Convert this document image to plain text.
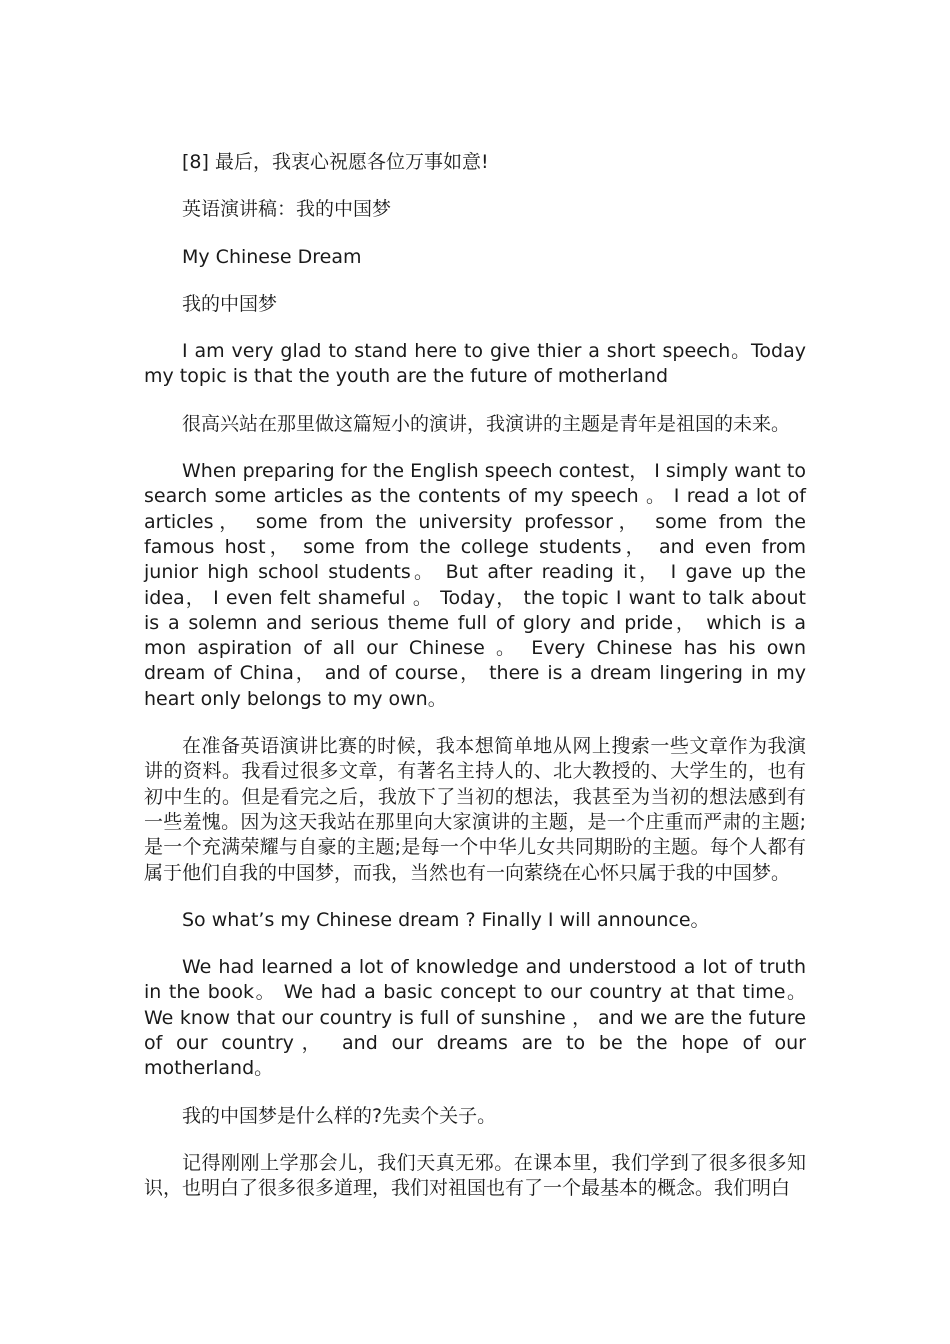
[8] 最后，我衷心祝愿各位万事如意!

英语演讲稿：我的中国梦

My Chinese Dream

我的中国梦

I am very glad to stand here to give thier a short speech。Today my topic is that the youth are the future of motherland

很高兴站在那里做这篇短小的演讲，我演讲的主题是青年是祖国的未来。

When preparing for the English speech contest， I simply want to search some articles as the contents of my speech 。 I read a lot of articles， some from the university professor， some from the famous host， some from the college students， and even from junior high school students。 But after reading it， I gave up the idea， I even felt shameful 。 Today， the topic I want to talk about is a solemn and serious theme full of glory and pride， which is a mon aspiration of all our Chinese 。 Every Chinese has his own dream of China， and of course， there is a dream lingering in my heart only belongs to my own。

在准备英语演讲比赛的时候，我本想简单地从网上搜索一些文章作为我演讲的资料。我看过很多文章，有著名主持人的、北大教授的、大学生的，也有初中生的。但是看完之后，我放下了当初的想法，我甚至为当初的想法感到有一些羞愧。因为这天我站在那里向大家演讲的主题，是一个庄重而严肃的主题;是一个充满荣耀与自豪的主题;是每一个中华儿女共同期盼的主题。每个人都有属于他们自我的中国梦，而我，当然也有一向萦绕在心怀只属于我的中国梦。

So what’s my Chinese dream ? Finally I will announce。

We had learned a lot of knowledge and understood a lot of truth in the book。 We had a basic concept to our country at that time。 We know that our country is full of sunshine ， and we are the future of our country， and our dreams are to be the hope of our motherland。

我的中国梦是什么样的?先卖个关子。

记得刚刚上学那会儿，我们天真无邪。在课本里，我们学到了很多很多知识，也明白了很多很多道理，我们对祖国也有了一个最基本的概念。我们明白
